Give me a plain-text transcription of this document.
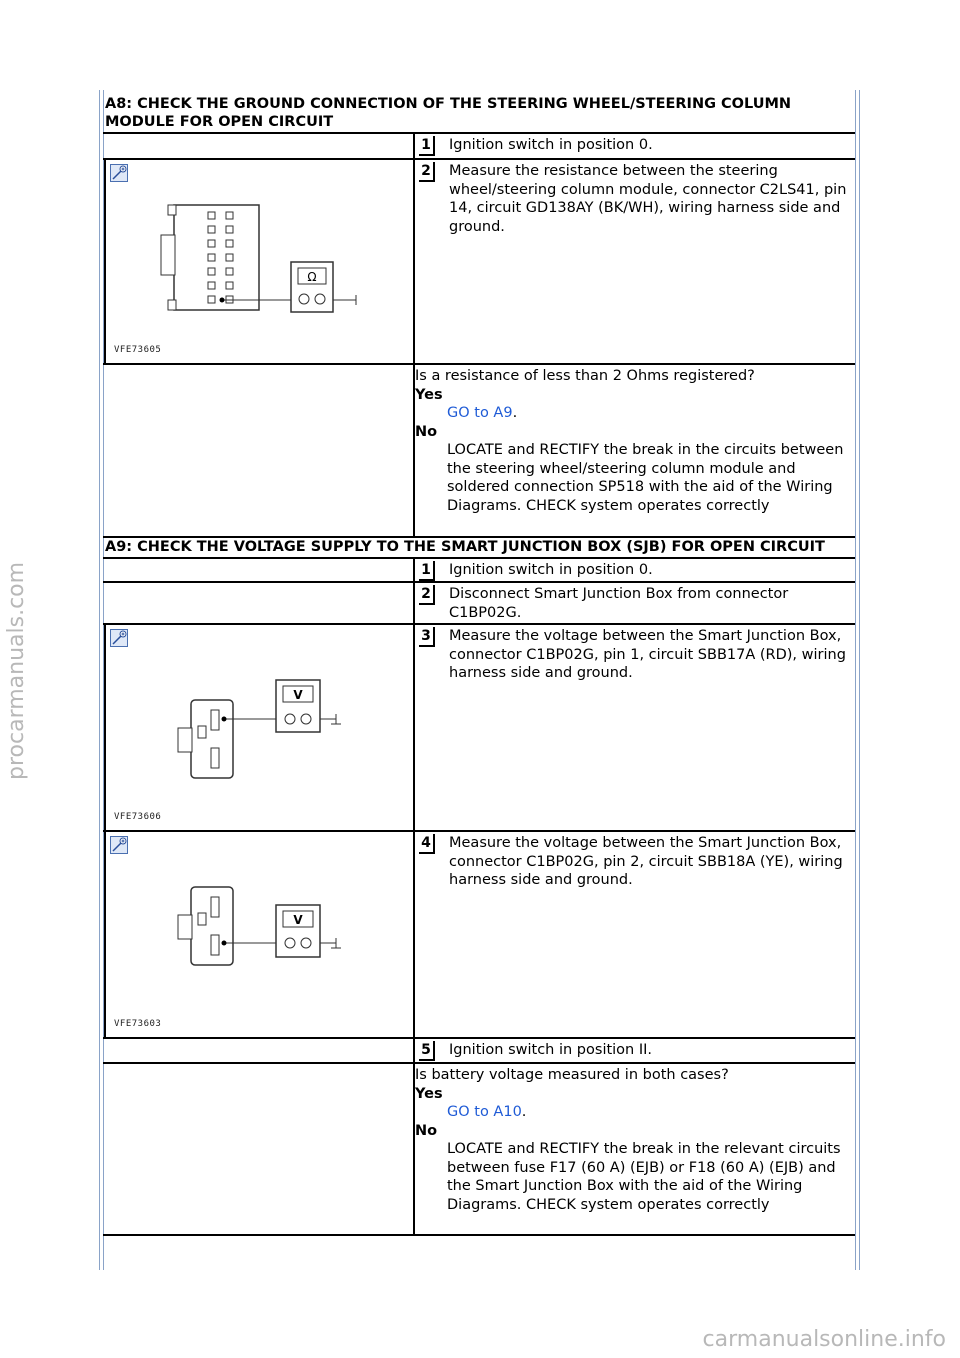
procarmanuals.com
carmanualsonline.info
A8: CHECK THE GROUND CONNECTION OF THE STEERING WHEEL/STEERING COLUMN MODULE FOR OPEN CIRCUIT
1 Ignition switch in position 0.
Ω
VFE73605
2 Measure the resistance between the steering wheel/steering column module, connector C2LS41, pin 14, circuit GD138AY (BK/WH), wiring harness side and ground.
Is a resistance of less than 2 Ohms registered?
Yes
GO to A9.
No
LOCATE and RECTIFY the break in the circuits between the steering wheel/steering column module and soldered connection SP518 with the aid of the Wiring Diagrams. CHECK system operates correctly
A9: CHECK THE VOLTAGE SUPPLY TO THE SMART JUNCTION BOX (SJB) FOR OPEN CIRCUIT
1 Ignition switch in position 0.
2 Disconnect Smart Junction Box from connector C1BP02G.
V
VFE73606
3 Measure the voltage between the Smart Junction Box, connector C1BP02G, pin 1, circuit SBB17A (RD), wiring harness side and ground.
V
VFE73603
4 Measure the voltage between the Smart Junction Box, connector C1BP02G, pin 2, circuit SBB18A (YE), wiring harness side and ground.
5 Ignition switch in position II.
Is battery voltage measured in both cases?
Yes
GO to A10.
No
LOCATE and RECTIFY the break in the relevant circuits between fuse F17 (60 A) (EJB) or F18 (60 A) (EJB) and the Smart Junction Box with the aid of the Wiring Diagrams. CHECK system operates correctly
